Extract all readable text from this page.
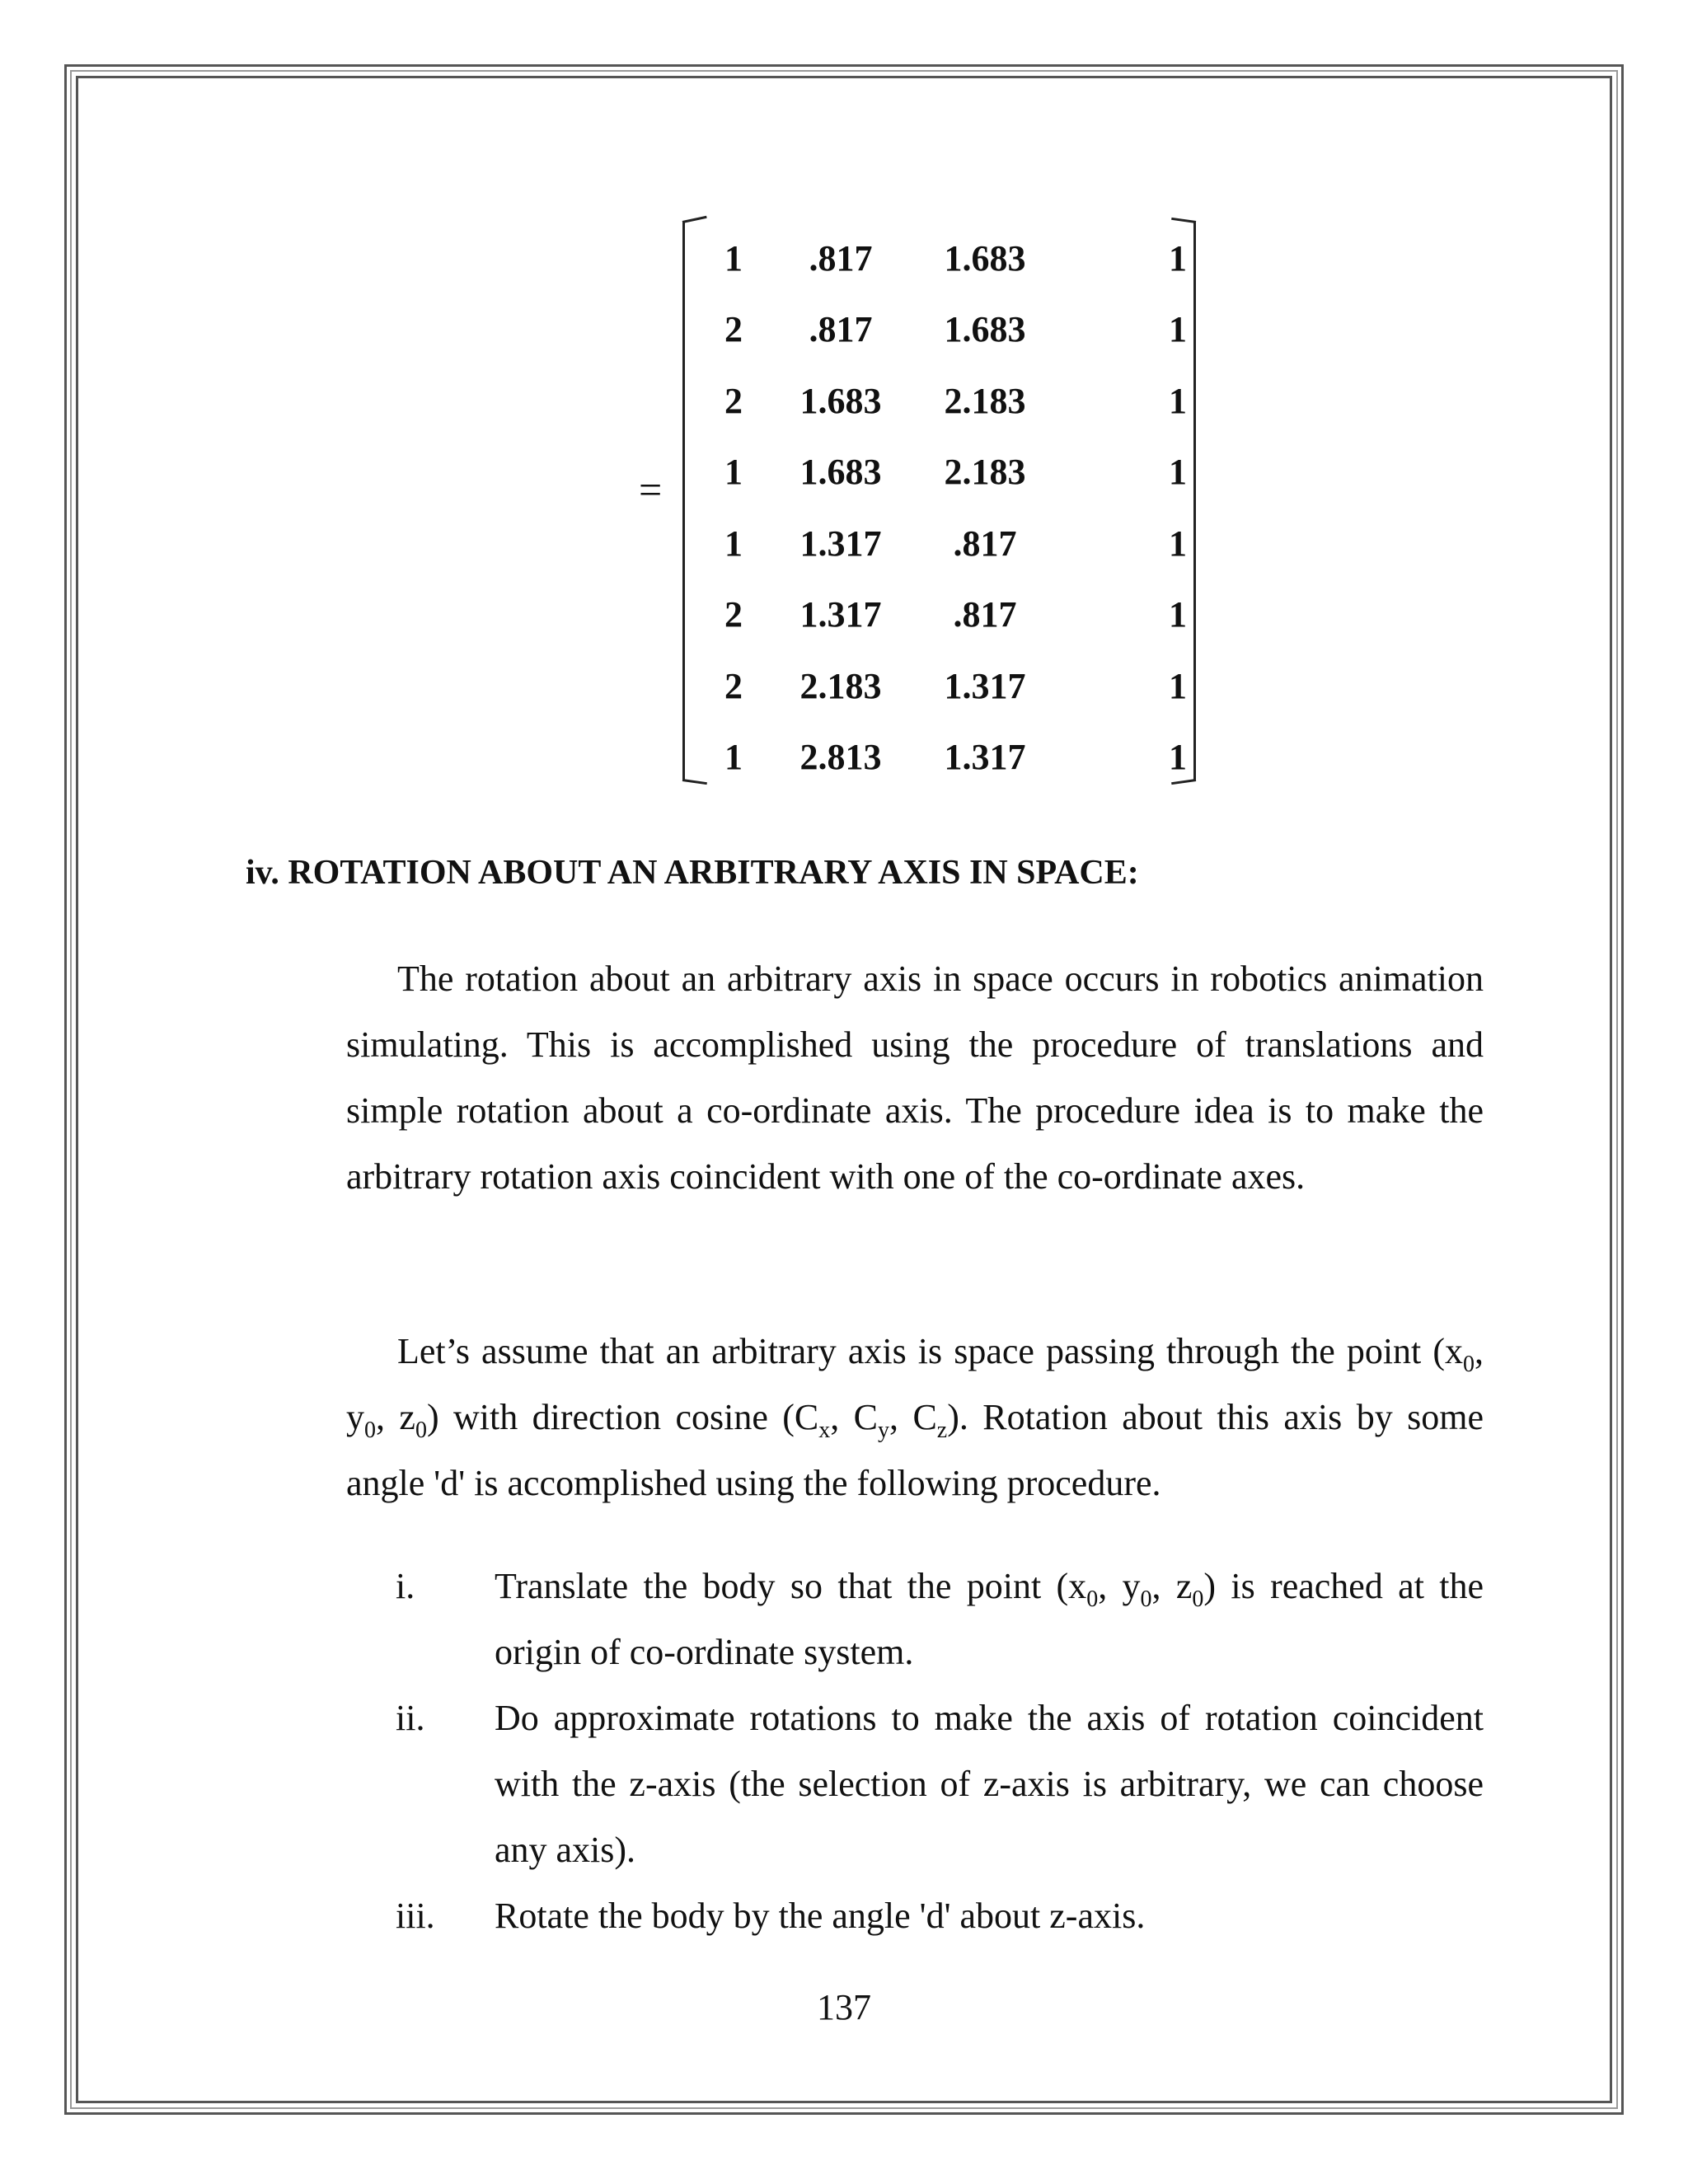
=
1	.817	1.683	1
2	.817	1.683	1
2	1.683	2.183	1
1	1.683	2.183	1
1	1.317	.817	1
2	1.317	.817	1
2	2.183	1.317	1
1	2.813	1.317	1
iv. ROTATION ABOUT AN ARBITRARY AXIS IN SPACE:
The rotation about an arbitrary axis in space occurs in robotics animation simulating. This is accomplished using the procedure of translations and simple rotation about a co-ordinate axis. The procedure idea is to make the arbitrary rotation axis coincident with one of the co-ordinate axes.
Let’s assume that an arbitrary axis is space passing through the point ($x_0$, $y_0$, $z_0$) with direction cosine ($C_x$, $C_y$, $C_z$). Rotation about this axis by some angle 'd' is accomplished using the following procedure.
i. Translate the body so that the point ($x_0$, $y_0$, $z_0$) is reached at the origin of co-ordinate system.
ii. Do approximate rotations to make the axis of rotation coincident with the z-axis (the selection of z-axis is arbitrary, we can choose any axis).
iii. Rotate the body by the angle 'd' about z-axis.
137
